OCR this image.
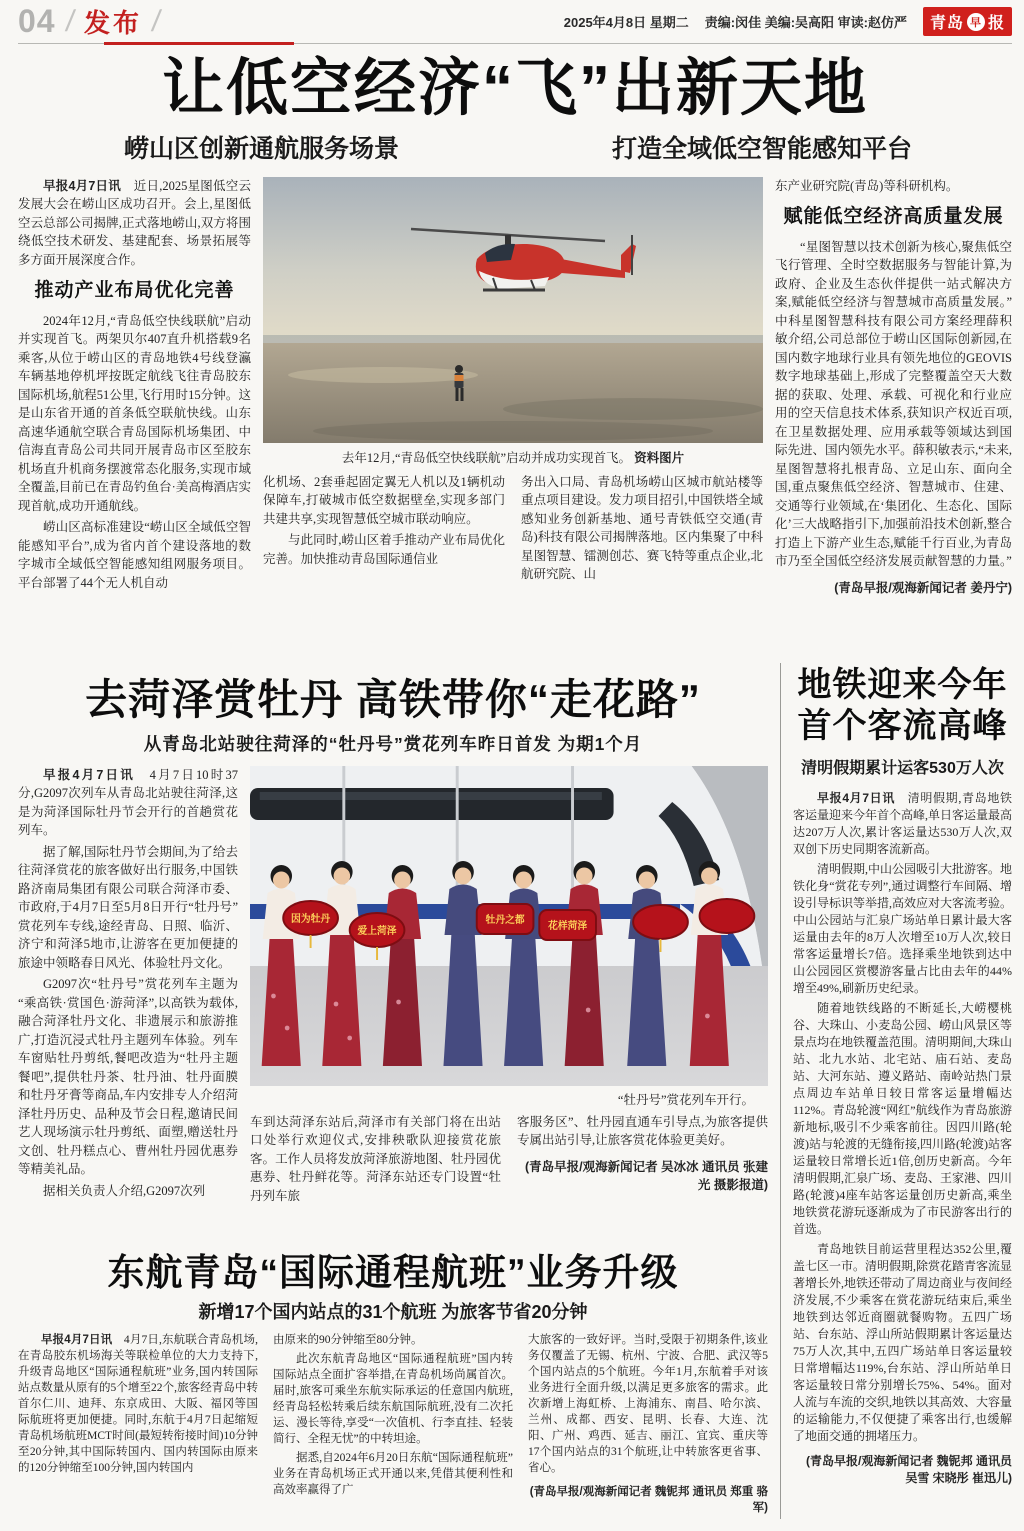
04 / 发布 /	2025年4月8日 星期二 责编:闵佳 美编:吴高阳 审读:赵仿严 青岛 早 报
让低空经济“飞”出新天地
崂山区创新通航服务场景	打造全域低空智能感知平台

早报4月7日讯　近日,2025星图低空云发展大会在崂山区成功召开。会上,星图低空云总部公司揭牌,正式落地崂山,双方将围绕低空技术研发、基建配套、场景拓展等多方面开展深度合作。

推动产业布局优化完善

2024年12月,“青岛低空快线联航”启动并实现首飞。两架贝尔407直升机搭载9名乘客,从位于崂山区的青岛地铁4号线登瀛车辆基地停机坪按既定航线飞往青岛胶东国际机场,航程51公里,飞行用时15分钟。这是山东省开通的首条低空联航快线。山东高速华通航空联合青岛国际机场集团、中信海直青岛公司共同开展青岛市区至胶东机场直升机商务摆渡常态化服务,实现市域全覆盖,目前已在青岛钓鱼台·美高梅酒店实现首航,成功开通航线。

崂山区高标准建设“崂山区全域低空智能感知平台”,成为省内首个建设落地的数字城市全域低空智能感知组网服务项目。平台部署了44个无人机自动

去年12月,“青岛低空快线联航”启动并成功实现首飞。 资料图片

化机场、2套垂起固定翼无人机以及1辆机动保障车,打破城市低空数据壁垒,实现多部门共建共享,实现智慧低空城市联动响应。

与此同时,崂山区着手推动产业布局优化完善。加快推动青岛国际通信业

务出入口局、青岛机场崂山区城市航站楼等重点项目建设。发力项目招引,中国铁塔全域感知业务创新基地、通号青铁低空交通(青岛)科技有限公司揭牌落地。区内集聚了中科星图智慧、镭测创芯、赛飞特等重点企业,北航研究院、山

东产业研究院(青岛)等科研机构。

赋能低空经济高质量发展

“星图智慧以技术创新为核心,聚焦低空飞行管理、全时空数据服务与智能计算,为政府、企业及生态伙伴提供一站式解决方案,赋能低空经济与智慧城市高质量发展。”中科星图智慧科技有限公司方案经理薛积敏介绍,公司总部位于崂山区国际创新园,在国内数字地球行业具有领先地位的GEOVIS数字地球基础上,形成了完整覆盖空天大数据的获取、处理、承载、可视化和行业应用的空天信息技术体系,获知识产权近百项,在卫星数据处理、应用承载等领域达到国际先进、国内领先水平。薛积敏表示,“未来,星图智慧将扎根青岛、立足山东、面向全国,重点聚焦低空经济、智慧城市、住建、交通等行业领域,在‘集团化、生态化、国际化’三大战略指引下,加强前沿技术创新,整合打造上下游产业生态,赋能千行百业,为青岛市乃至全国低空经济发展贡献智慧的力量。”

(青岛早报/观海新闻记者 姜丹宁)

去菏泽赏牡丹 高铁带你“走花路”
从青岛北站驶往菏泽的“牡丹号”赏花列车昨日首发 为期1个月

早报4月7日讯　4月7日10时37分,G2097次列车从青岛北站驶往菏泽,这是为菏泽国际牡丹节会开行的首趟赏花列车。

据了解,国际牡丹节会期间,为了给去往菏泽赏花的旅客做好出行服务,中国铁路济南局集团有限公司联合菏泽市委、市政府,于4月7日至5月8日开行“牡丹号”赏花列车专线,途经青岛、日照、临沂、济宁和菏泽5地市,让游客在更加便捷的旅途中领略春日风光、体验牡丹文化。

G2097次“牡丹号”赏花列车主题为“乘高铁·赏国色·游菏泽”,以高铁为载体,融合菏泽牡丹文化、非遗展示和旅游推广,打造沉浸式牡丹主题列车体验。列车车窗贴牡丹剪纸,餐吧改造为“牡丹主题餐吧”,提供牡丹茶、牡丹油、牡丹面膜和牡丹牙膏等商品,车内安排专人介绍菏泽牡丹历史、品种及节会日程,邀请民间艺人现场演示牡丹剪纸、面塑,赠送牡丹文创、牡丹糕点心、曹州牡丹园优惠券等精美礼品。

据相关负责人介绍,G2097次列

因为牡丹
爱上菏泽
牡丹之都
花样菏泽
“牡丹号”赏花列车开行。

车到达菏泽东站后,菏泽市有关部门将在出站口处举行欢迎仪式,安排秧歌队迎接赏花旅客。工作人员将发放菏泽旅游地图、牡丹园优惠券、牡丹鲜花等。菏泽东站还专门设置“牡丹列车旅

客服务区”、牡丹园直通车引导点,为旅客提供专属出站引导,让旅客赏花体验更美好。

(青岛早报/观海新闻记者 吴冰冰 通讯员 张建光 摄影报道)

东航青岛“国际通程航班”业务升级
新增17个国内站点的31个航班 为旅客节省20分钟

早报4月7日讯　4月7日,东航联合青岛机场,在青岛胶东机场海关等联检单位的大力支持下,升级青岛地区“国际通程航班”业务,国内转国际站点数量从原有的5个增至22个,旅客经青岛中转首尔仁川、迪拜、东京成田、大阪、福冈等国际航班将更加便捷。同时,东航于4月7日起缩短青岛机场航班MCT时间(最短转衔接时间)10分钟至20分钟,其中国际转国内、国内转国际由原来的120分钟缩至100分钟,国内转国内

由原来的90分钟缩至80分钟。

此次东航青岛地区“国际通程航班”国内转国际站点全面扩容举措,在青岛机场尚属首次。届时,旅客可乘坐东航实际承运的任意国内航班,经青岛轻松转乘后续东航国际航班,没有二次托运、漫长等待,享受“一次值机、行李直挂、轻装简行、全程无忧”的中转坦途。

据悉,自2024年6月20日东航“国际通程航班”业务在青岛机场正式开通以来,凭借其便利性和高效率赢得了广

大旅客的一致好评。当时,受限于初期条件,该业务仅覆盖了无锡、杭州、宁波、合肥、武汉等5个国内站点的5个航班。今年1月,东航着手对该业务进行全面升级,以满足更多旅客的需求。此次新增上海虹桥、上海浦东、南昌、哈尔滨、兰州、成都、西安、昆明、长春、大连、沈阳、广州、鸡西、延吉、丽江、宜宾、重庆等17个国内站点的31个航班,让中转旅客更省事、省心。

(青岛早报/观海新闻记者 魏铌邦 通讯员 郑重 骆军)

地铁迎来今年
首个客流高峰
清明假期累计运客530万人次

早报4月7日讯　清明假期,青岛地铁客运量迎来今年首个高峰,单日客运量最高达207万人次,累计客运量达530万人次,双双创下历史同期客流新高。

清明假期,中山公园吸引大批游客。地铁化身“赏花专列”,通过调整行车间隔、增设引导标识等举措,高效应对大客流考验。中山公园站与汇泉广场站单日累计最大客运量由去年的8万人次增至10万人次,较日常客运量增长7倍。选择乘坐地铁到达中山公园园区赏樱游客量占比由去年的44%增至49%,刷新历史纪录。

随着地铁线路的不断延长,大崂樱桃谷、大珠山、小麦岛公园、崂山风景区等景点均在地铁覆盖范围。清明期间,大珠山站、北九水站、北宅站、庙石站、麦岛站、大河东站、遵义路站、南岭站热门景点周边车站单日较日常客运量增幅达112%。青岛轮渡“网红”航线作为青岛旅游新地标,吸引不少乘客前往。因四川路(轮渡)站与轮渡的无缝衔接,四川路(轮渡)站客运量较日常增长近1倍,创历史新高。今年清明假期,汇泉广场、麦岛、王家港、四川路(轮渡)4座车站客运量创历史新高,乘坐地铁赏花游玩逐渐成为了市民游客出行的首选。

青岛地铁目前运营里程达352公里,覆盖七区一市。清明假期,除赏花踏青客流显著增长外,地铁还带动了周边商业与夜间经济发展,不少乘客在赏花游玩结束后,乘坐地铁到达邻近商圈就餐购物。五四广场站、台东站、浮山所站假期累计客运量达75万人次,其中,五四广场站单日客运量较日常增幅达119%,台东站、浮山所站单日客运量较日常分别增长75%、54%。面对人流与车流的交织,地铁以其高效、大容量的运输能力,不仅便捷了乘客出行,也缓解了地面交通的拥堵压力。

(青岛早报/观海新闻记者 魏铌邦 通讯员 吴雪 宋晓彤 崔迅儿)
